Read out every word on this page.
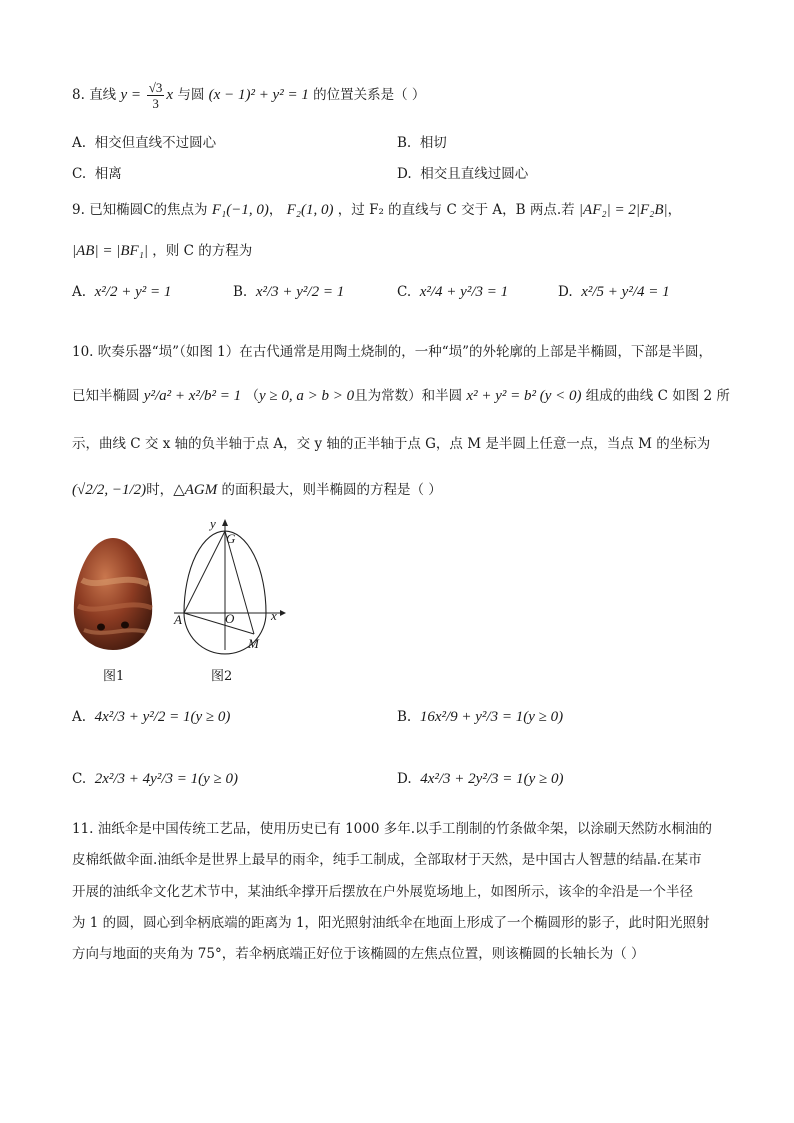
8. 直线 $y = \frac{√3}{3}$ x 与圆 (x − 1)² + y² = 1 的位置关系是（ ）
A. 相交但直线不过圆心	B. 相切
C. 相离	D. 相交且直线过圆心
9. 已知椭圆C的焦点为 F₁(−1, 0)， F₂(1, 0) ，过 F₂ 的直线与 C 交于 A，B 两点.若 |AF₂| = 2|F₂B|，
|AB| = |BF₁| ，则 C 的方程为
A. x²/2 + y² = 1	B. x²/3 + y²/2 = 1	C. x²/4 + y²/3 = 1	D. x²/5 + y²/4 = 1
10. 吹奏乐器“埙”（如图 1）在古代通常是用陶土烧制的，一种“埙”的外轮廓的上部是半椭圆，下部是半圆，
已知半椭圆 y²/a² + x²/b² = 1 （y ≥ 0, a > b > 0且为常数）和半圆 x² + y² = b² (y < 0) 组成的曲线 C 如图 2 所
示，曲线 C 交 x 轴的负半轴于点 A，交 y 轴的正半轴于点 G，点 M 是半圆上任意一点，当点 M 的坐标为
(√2/2, −1/2)时，△AGM 的面积最大，则半椭圆的方程是（ ）
y
x
G
A	O
M
图1	图2
A. 4x²/3 + y²/2 = 1(y ≥ 0)	B. 16x²/9 + y²/3 = 1(y ≥ 0)
C. 2x²/3 + 4y²/3 = 1(y ≥ 0)	D. 4x²/3 + 2y²/3 = 1(y ≥ 0)
11. 油纸伞是中国传统工艺品，使用历史已有 1000 多年.以手工削制的竹条做伞架，以涂刷天然防水桐油的
皮棉纸做伞面.油纸伞是世界上最早的雨伞，纯手工制成，全部取材于天然，是中国古人智慧的结晶.在某市
开展的油纸伞文化艺术节中，某油纸伞撑开后摆放在户外展览场地上，如图所示，该伞的伞沿是一个半径
为 1 的圆，圆心到伞柄底端的距离为 1，阳光照射油纸伞在地面上形成了一个椭圆形的影子，此时阳光照射
方向与地面的夹角为 75°，若伞柄底端正好位于该椭圆的左焦点位置，则该椭圆的长轴长为（ ）
